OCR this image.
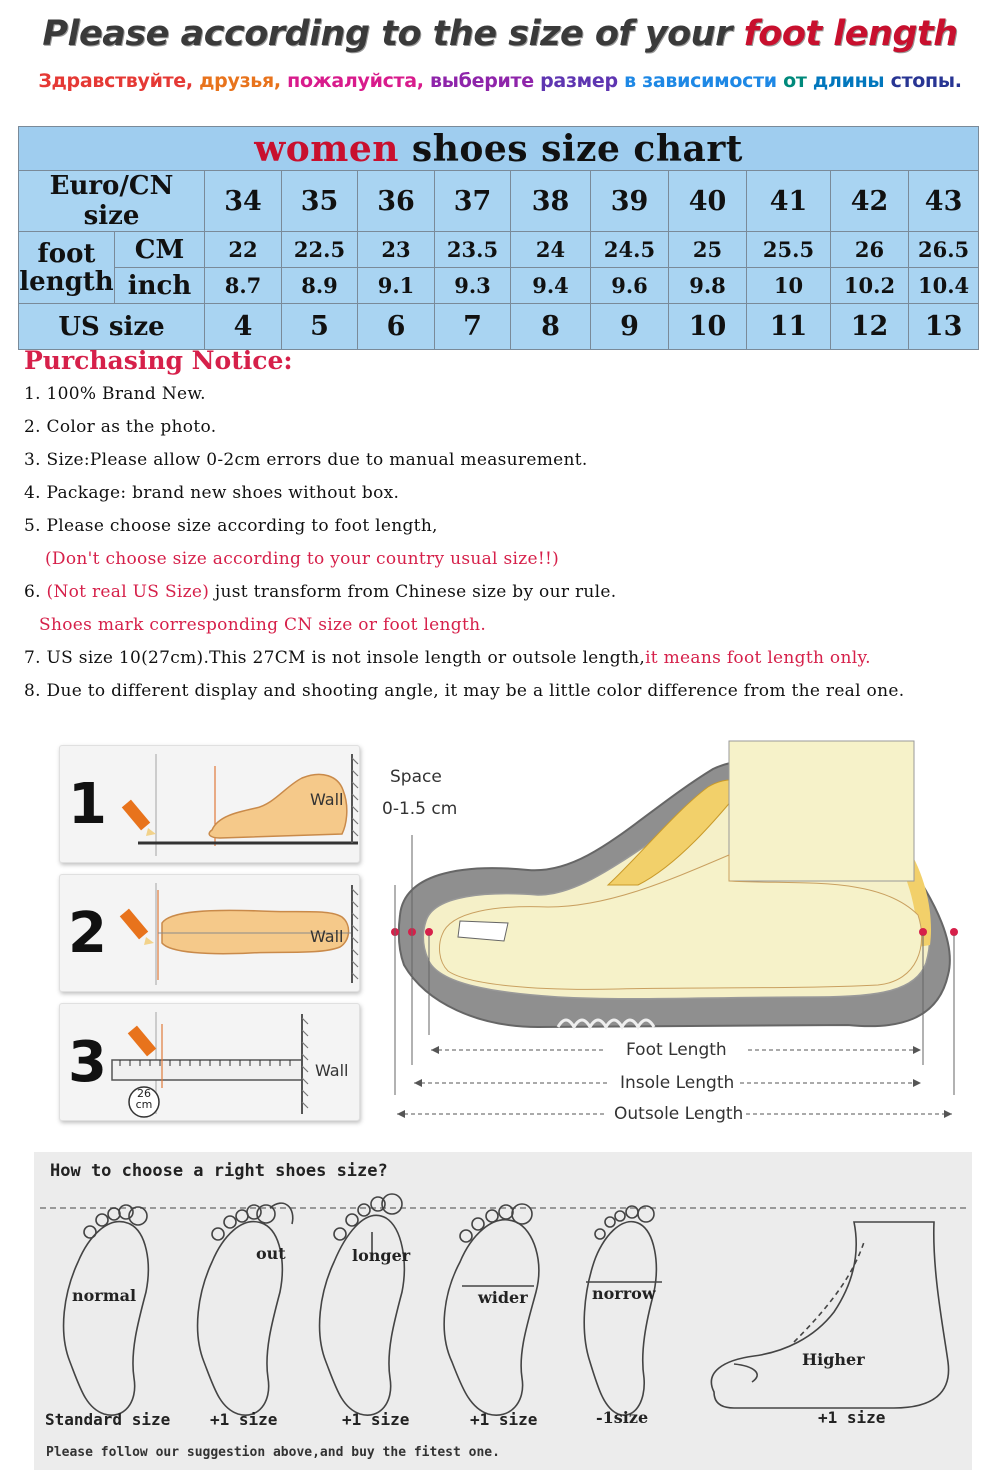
Please according to the size of your foot length
Здравствуйте, друзья, пожалуйста, выберите размер в зависимости от длины стопы.
women shoes size chart											
Euro/CN size		34	35	36	37	38	39	40	41	42	43
foot length	CM	22	22.5	23	23.5	24	24.5	25	25.5	26	26.5
	inch	8.7	8.9	9.1	9.3	9.4	9.6	9.8	10	10.2	10.4
US size		4	5	6	7	8	9	10	11	12	13
Purchasing Notice:
1. 100% Brand New.
2. Color as the photo.
3. Size:Please allow 0-2cm errors due to manual measurement.
4. Package: brand new shoes without box.
5. Please choose size according to foot length,
(Don't choose size according to your country usual size!!)
6. (Not real US Size) just transform from Chinese size by our rule.
Shoes mark corresponding CN size or foot length.
7. US size 10(27cm).This 27CM is not insole length or outsole length,it means foot length only.
8. Due to different display and shooting angle, it may be a little color difference from the real one.
1	Wall
2	Wall
3	Wall
26
cm
Space
0-1.5 cm
Foot Length
Insole Length
Outsole Length
How to choose a right shoes size?
normal
out	longer
wider	norrow
Higher
Standard size +1 size	+1 size	+1 size	-1size	+1 size
Please follow our suggestion above,and buy the fitest one.
